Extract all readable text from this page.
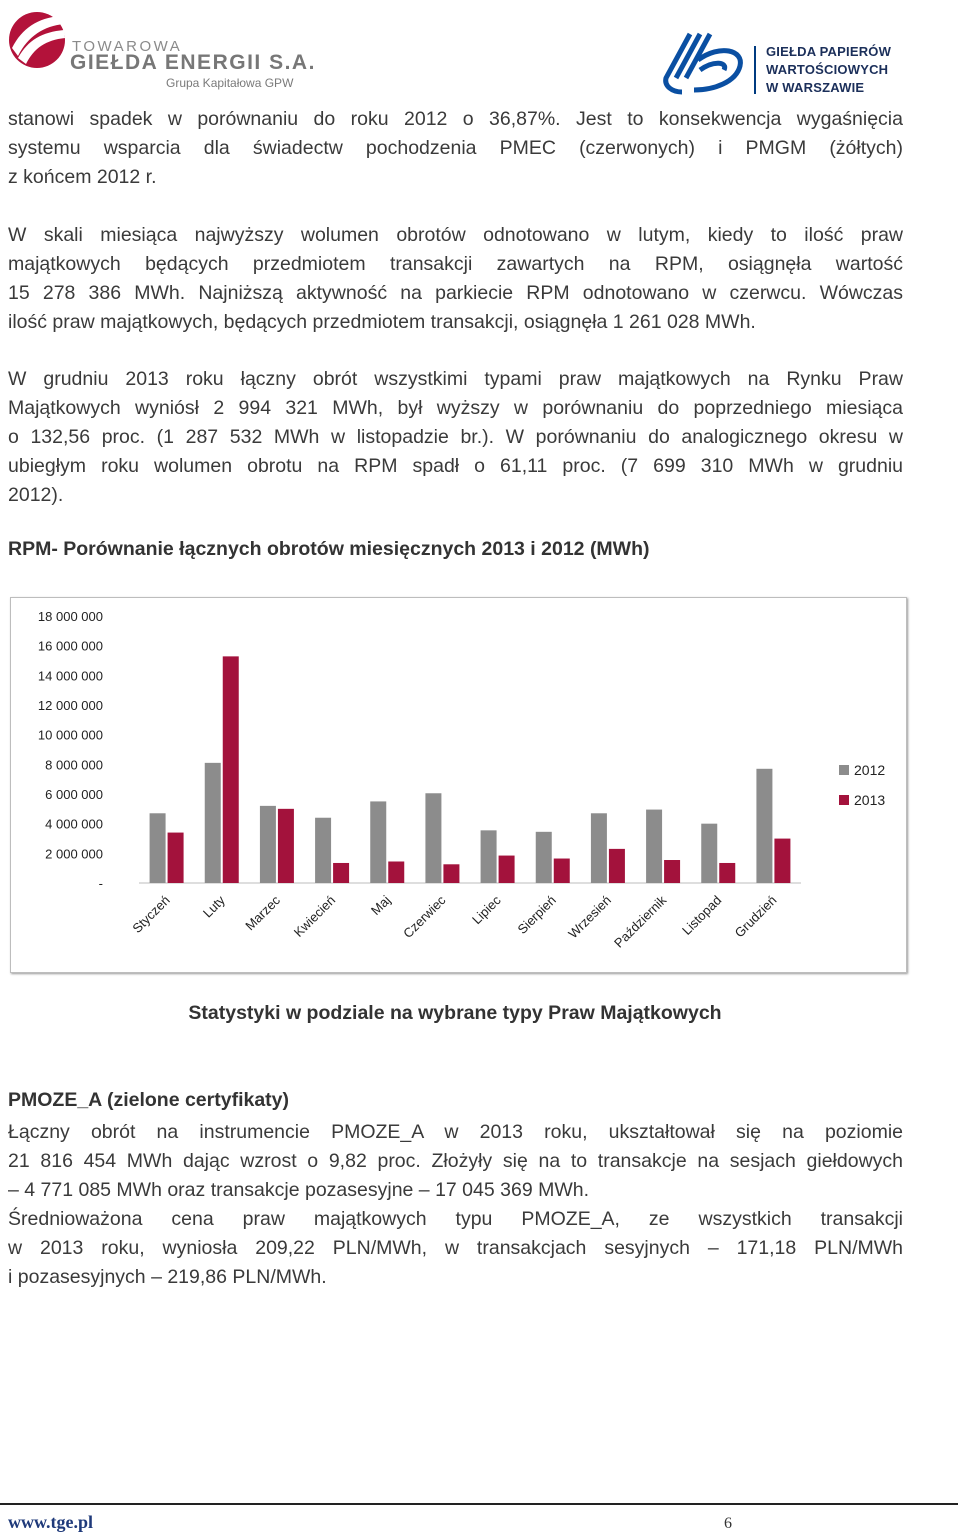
TOWAROWA
GIEŁDA ENERGII S.A.
Grupa Kapitałowa GPW
GIEŁDA PAPIERÓW
WARTOŚCIOWYCH
W WARSZAWIE
stanowi spadek w porównaniu do roku 2012 o 36,87%. Jest to konsekwencja wygaśnięcia
systemu wsparcia dla świadectw pochodzenia PMEC (czerwonych) i PMGM (żółtych)
z końcem 2012 r.
W skali miesiąca najwyższy wolumen obrotów odnotowano w lutym, kiedy to ilość praw
majątkowych będących przedmiotem transakcji zawartych na RPM, osiągnęła wartość
15 278 386 MWh. Najniższą aktywność na parkiecie RPM odnotowano w czerwcu. Wówczas
ilość praw majątkowych, będących przedmiotem transakcji, osiągnęła 1 261 028 MWh.
W grudniu 2013 roku łączny obrót wszystkimi typami praw majątkowych na Rynku Praw
Majątkowych wyniósł 2 994 321 MWh, był wyższy w porównaniu do poprzedniego miesiąca
o 132,56 proc. (1 287 532 MWh w listopadzie br.). W porównaniu do analogicznego okresu w
ubiegłym roku wolumen obrotu na RPM spadł o 61,11 proc. (7 699 310 MWh w grudniu
2012).

RPM- Porównanie łącznych obrotów miesięcznych 2013 i 2012 (MWh)

-
2 000 000
4 000 000
6 000 000
8 000 000
10 000 000
12 000 000
14 000 000
16 000 000
18 000 000
Styczeń Luty Marzec Kwiecień Maj Czerwiec Lipiec Sierpień Wrzesień
Październik Listopad Grudzień
2012
2013

Statystyki w podziale na wybrane typy Praw Majątkowych

PMOZE_A (zielone certyfikaty)

Łączny obrót na instrumencie PMOZE_A w 2013 roku, ukształtował się na poziomie
21 816 454 MWh dając wzrost o 9,82 proc. Złożyły się na to transakcje na sesjach giełdowych
– 4 771 085 MWh oraz transakcje pozasesyjne – 17 045 369 MWh.
Średnioważona cena praw majątkowych typu PMOZE_A, ze wszystkich transakcji
w 2013 roku, wyniosła 209,22 PLN/MWh, w transakcjach sesyjnych – 171,18 PLN/MWh
i pozasesyjnych – 219,86 PLN/MWh.
www.tge.pl	6
